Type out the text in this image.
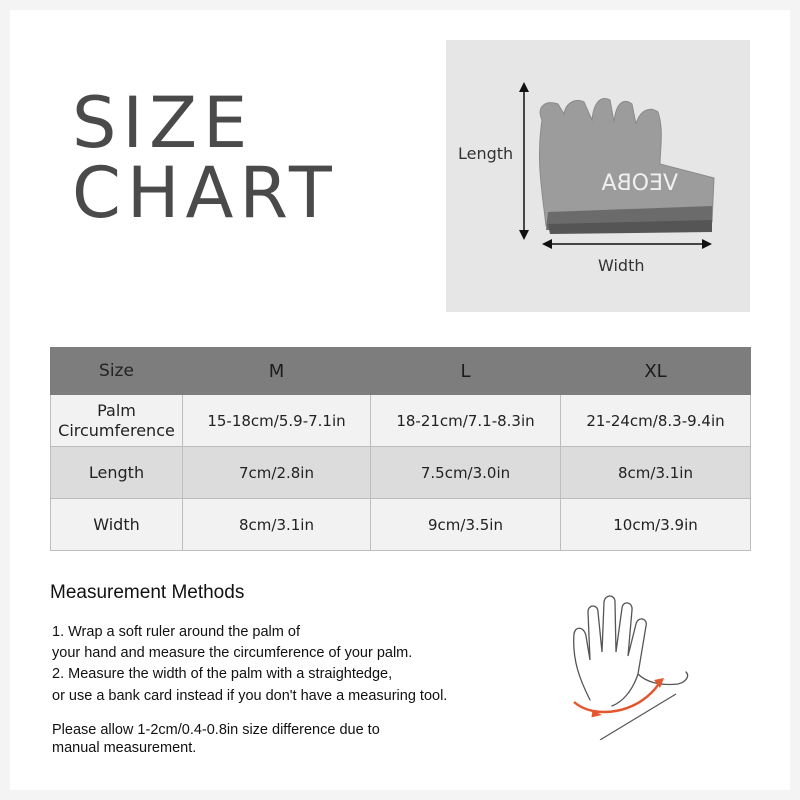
SIZE
CHART	VEOBA
Length
Width
Size	M	L	XL
Palm Circumference	15-18cm/5.9-7.1in	18-21cm/7.1-8.3in	21-24cm/8.3-9.4in
Length	7cm/2.8in	7.5cm/3.0in	8cm/3.1in
Width	8cm/3.1in	9cm/3.5in	10cm/3.9in
Measurement Methods
1. Wrap a soft ruler around the palm of
your hand and measure the circumference of your palm.
2. Measure the width of the palm with a straightedge,
or use a bank card instead if you don't have a measuring tool.
Please allow 1-2cm/0.4-0.8in size difference due to
manual measurement.
